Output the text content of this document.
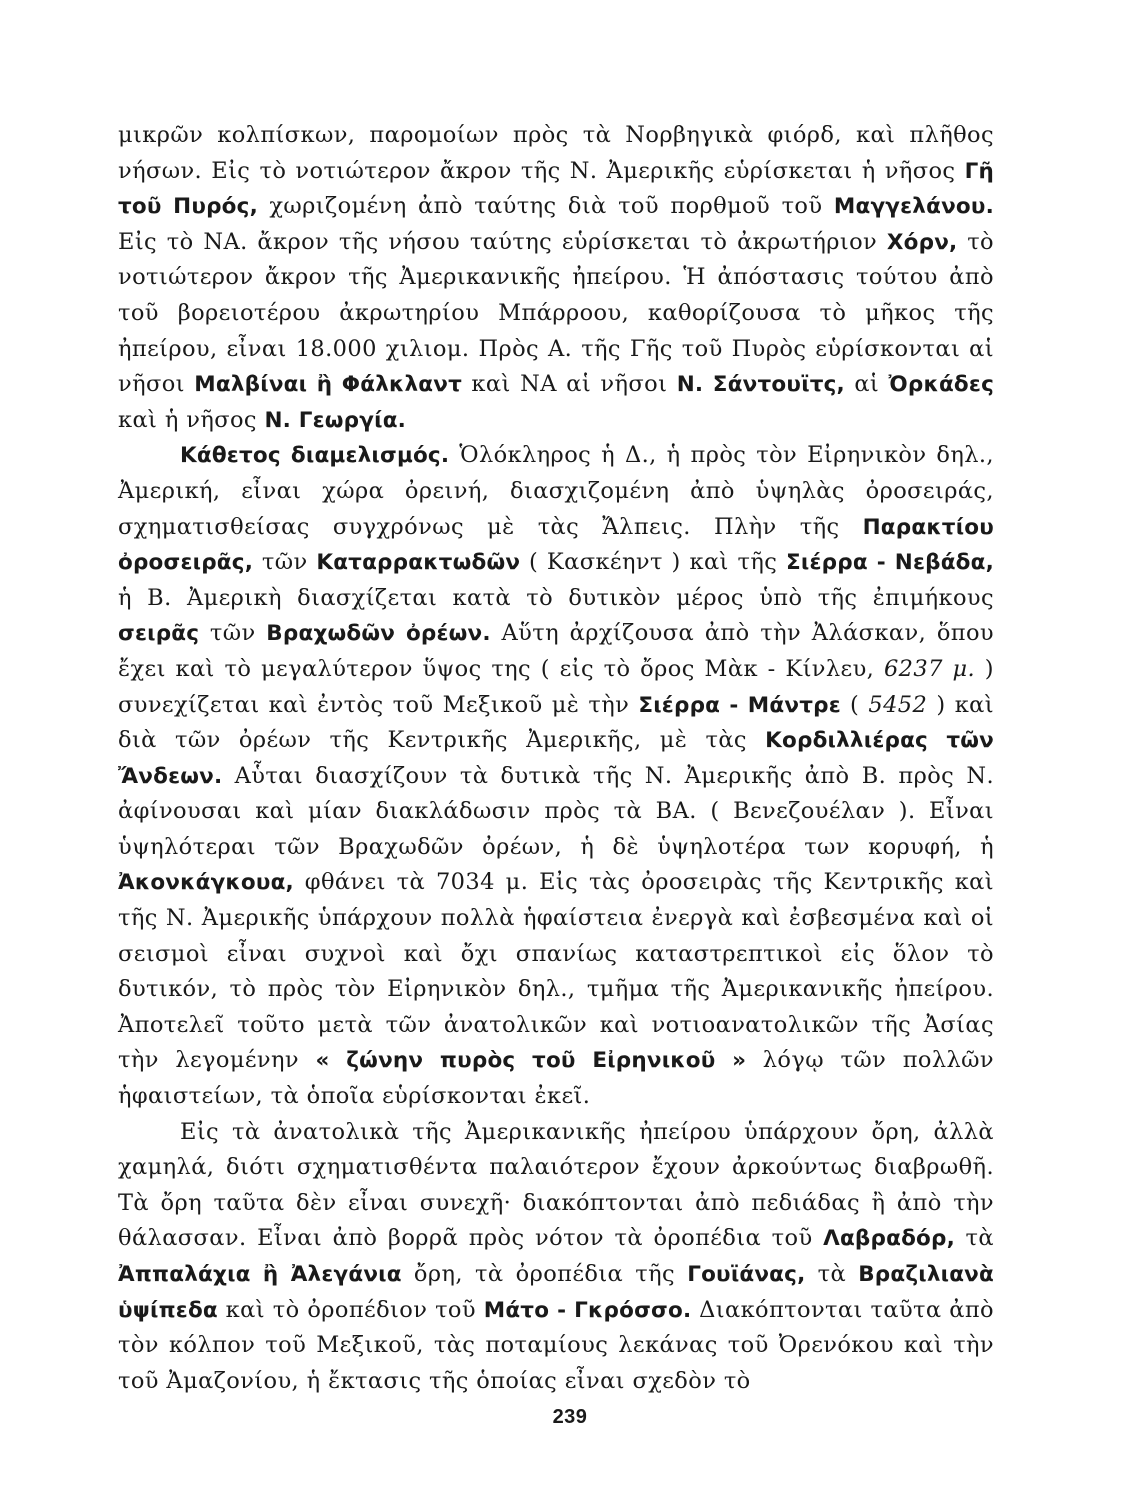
μικρῶν κολπίσκων, παρομοίων πρὸς τὰ Νορβηγικὰ φιόρδ, καὶ πλῆθος νήσων. Εἰς τὸ νοτιώτερον ἄκρον τῆς Ν. Ἀμερικῆς εὑρίσκεται ἡ νῆσος Γῆ τοῦ Πυρός, χωριζομένη ἀπὸ ταύτης διὰ τοῦ πορθμοῦ τοῦ Μαγγελάνου. Εἰς τὸ ΝΑ. ἄκρον τῆς νήσου ταύτης εὑρίσκεται τὸ ἀκρωτήριον Χόρν, τὸ νοτιώτερον ἄκρον τῆς Ἀμερικανικῆς ἠπείρου. Ἡ ἀπόστασις τούτου ἀπὸ τοῦ βορειοτέρου ἀκρωτηρίου Μπάρροου, καθορίζουσα τὸ μῆκος τῆς ἠπείρου, εἶναι 18.000 χιλιομ. Πρὸς Α. τῆς Γῆς τοῦ Πυρὸς εὑρίσκονται αἱ νῆσοι Μαλβίναι ἢ Φάλκλαντ καὶ ΝΑ αἱ νῆσοι Ν. Σάντουϊτς, αἱ Ὀρκάδες καὶ ἡ νῆσος Ν. Γεωργία.

Κάθετος διαμελισμός. Ὁλόκληρος ἡ Δ., ἡ πρὸς τὸν Εἰρηνικὸν δηλ., Ἀμερική, εἶναι χώρα ὀρεινή, διασχιζομένη ἀπὸ ὑψηλὰς ὀροσειράς, σχηματισθείσας συγχρόνως μὲ τὰς Ἄλπεις. Πλὴν τῆς Παρακτίου ὀροσειρᾶς, τῶν Καταρρακτωδῶν ( Κασκέηντ ) καὶ τῆς Σιέρρα - Νεβάδα, ἡ Β. Ἀμερικὴ διασχίζεται κατὰ τὸ δυτικὸν μέρος ὑπὸ τῆς ἐπιμήκους σειρᾶς τῶν Βραχωδῶν ὀρέων. Αὕτη ἀρχίζουσα ἀπὸ τὴν Ἀλάσκαν, ὅπου ἔχει καὶ τὸ μεγαλύτερον ὕψος της ( εἰς τὸ ὄρος Μὰκ - Κίνλευ, 6237 μ. ) συνεχίζεται καὶ ἐντὸς τοῦ Μεξικοῦ μὲ τὴν Σιέρρα - Μάντρε ( 5452 ) καὶ διὰ τῶν ὀρέων τῆς Κεντρικῆς Ἀμερικῆς, μὲ τὰς Κορδιλλιέρας τῶν Ἄνδεων. Αὗται διασχίζουν τὰ δυτικὰ τῆς Ν. Ἀμερικῆς ἀπὸ Β. πρὸς Ν. ἀφίνουσαι καὶ μίαν διακλάδωσιν πρὸς τὰ ΒΑ. ( Βενεζουέλαν ). Εἶναι ὑψηλότεραι τῶν Βραχωδῶν ὀρέων, ἡ δὲ ὑψηλοτέρα των κορυφή, ἡ Ἀκονκάγκουα, φθάνει τὰ 7034 μ. Εἰς τὰς ὀροσειρὰς τῆς Κεντρικῆς καὶ τῆς Ν. Ἀμερικῆς ὑπάρχουν πολλὰ ἡφαίστεια ἐνεργὰ καὶ ἐσβεσμένα καὶ οἱ σεισμοὶ εἶναι συχνοὶ καὶ ὄχι σπανίως καταστρεπτικοὶ εἰς ὅλον τὸ δυτικόν, τὸ πρὸς τὸν Εἰρηνικὸν δηλ., τμῆμα τῆς Ἀμερικανικῆς ἠπείρου. Ἀποτελεῖ τοῦτο μετὰ τῶν ἀνατολικῶν καὶ νοτιοανατολικῶν τῆς Ἀσίας τὴν λεγομένην « ζώνην πυρὸς τοῦ Εἰρηνικοῦ » λόγῳ τῶν πολλῶν ἡφαιστείων, τὰ ὁποῖα εὑρίσκονται ἐκεῖ.

Εἰς τὰ ἀνατολικὰ τῆς Ἀμερικανικῆς ἠπείρου ὑπάρχουν ὄρη, ἀλλὰ χαμηλά, διότι σχηματισθέντα παλαιότερον ἔχουν ἀρκούντως διαβρωθῆ. Τὰ ὄρη ταῦτα δὲν εἶναι συνεχῆ· διακόπτονται ἀπὸ πεδιάδας ἢ ἀπὸ τὴν θάλασσαν. Εἶναι ἀπὸ βορρᾶ πρὸς νότον τὰ ὀροπέδια τοῦ Λαβραδόρ, τὰ Ἀππαλάχια ἢ Ἀλεγάνια ὄρη, τὰ ὀροπέδια τῆς Γουϊάνας, τὰ Βραζιλιανὰ ὑψίπεδα καὶ τὸ ὀροπέδιον τοῦ Μάτο - Γκρόσσο. Διακόπτονται ταῦτα ἀπὸ τὸν κόλπον τοῦ Μεξικοῦ, τὰς ποταμίους λεκάνας τοῦ Ὀρενόκου καὶ τὴν τοῦ Ἀμαζονίου, ἡ ἔκτασις τῆς ὁποίας εἶναι σχεδὸν τὸ

239
